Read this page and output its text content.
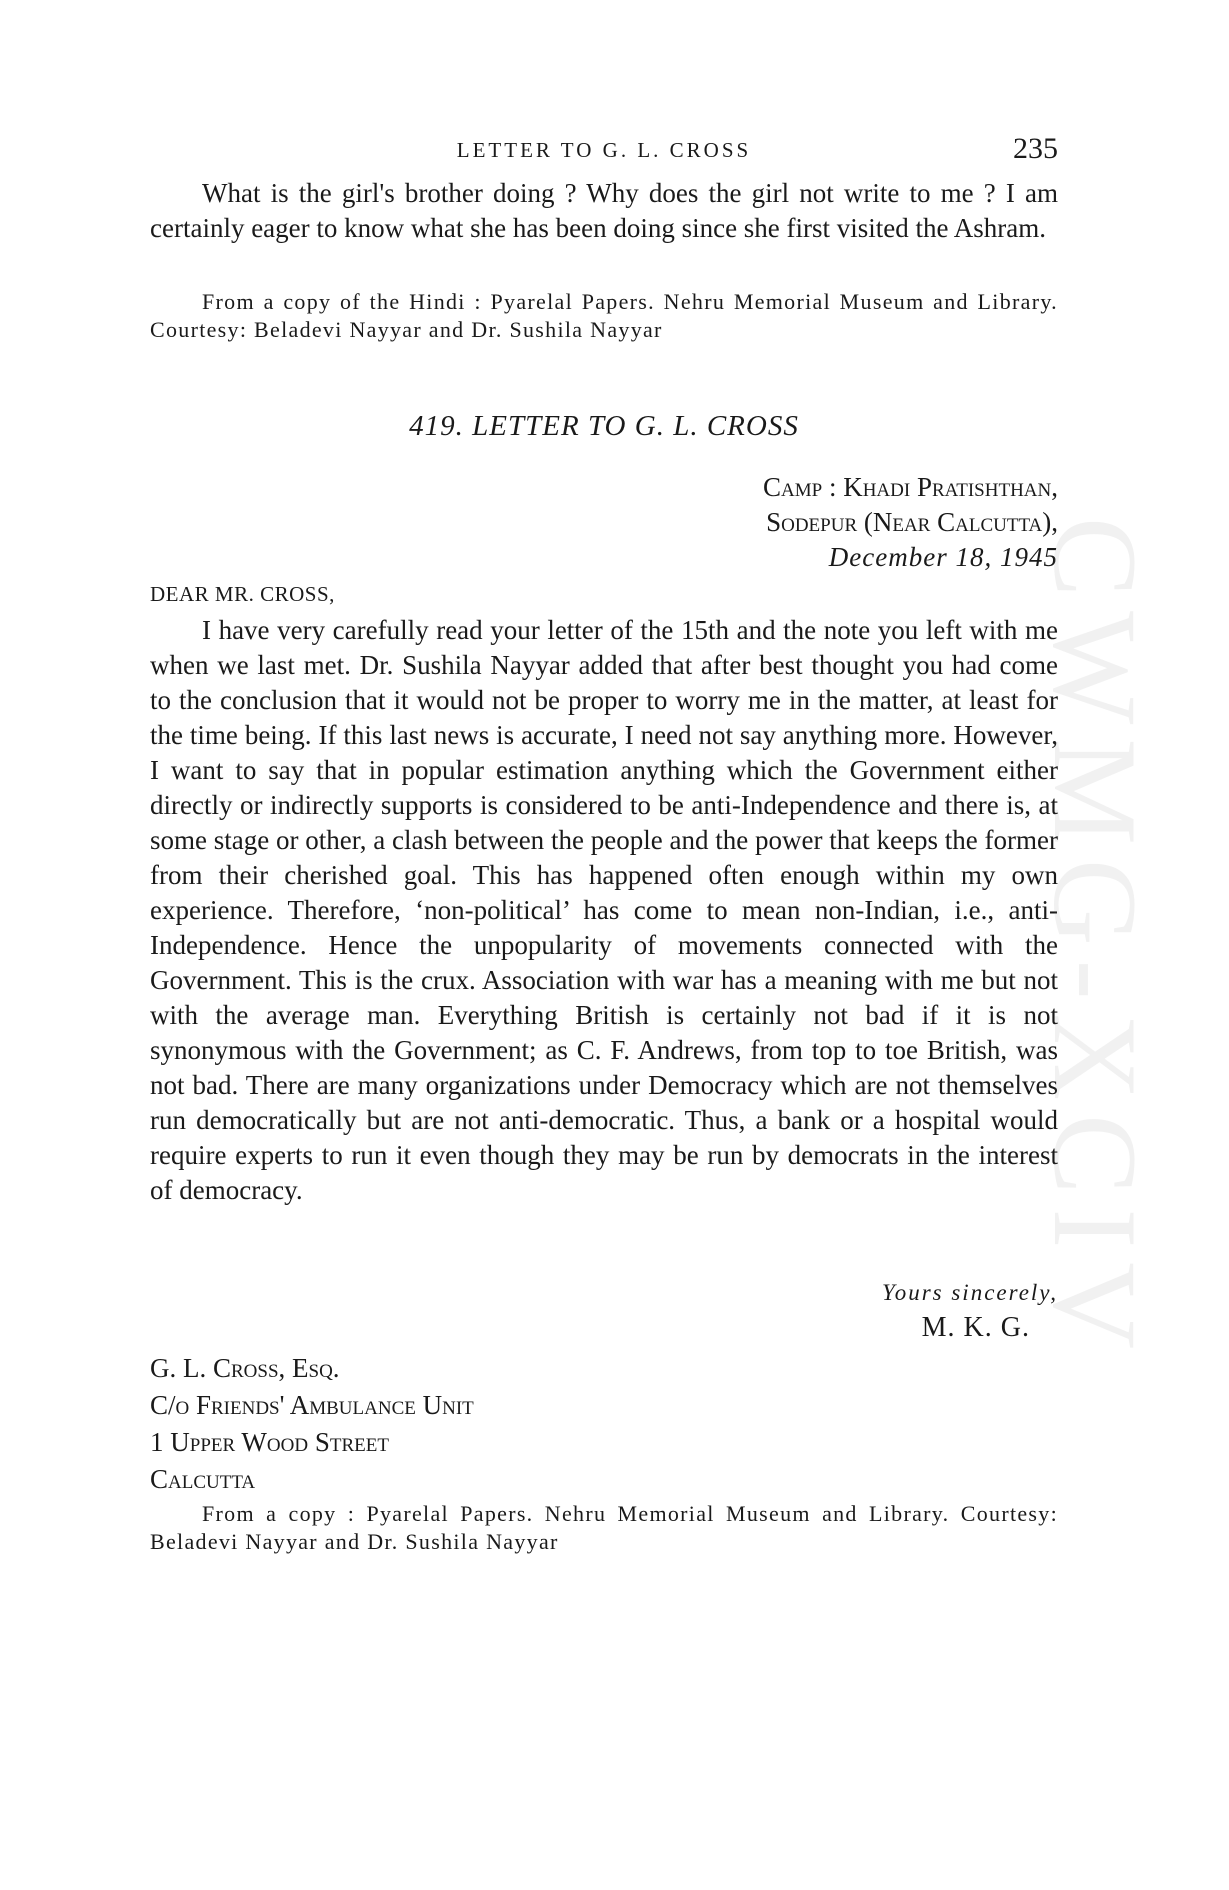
LETTER TO G. L. CROSS	235

What is the girl's brother doing ? Why does the girl not write to me ? I am certainly eager to know what she has been doing since she first visited the Ashram.

From a copy of the Hindi : Pyarelal Papers. Nehru Memorial Museum and Library. Courtesy: Beladevi Nayyar and Dr. Sushila Nayyar

419. LETTER TO G. L. CROSS
Camp : Khadi Pratishthan,
Sodepur (Near Calcutta),
December 18, 1945
DEAR MR. CROSS,

I have very carefully read your letter of the 15th and the note you left with me when we last met. Dr. Sushila Nayyar added that after best thought you had come to the conclusion that it would not be proper to worry me in the matter, at least for the time being. If this last news is accurate, I need not say anything more. However, I want to say that in popular estimation anything which the Government either directly or indirectly supports is considered to be anti-Independence and there is, at some stage or other, a clash between the people and the power that keeps the former from their cherished goal. This has happened often enough within my own experience. Therefore, ‘non-political’ has come to mean non-Indian, i.e., anti-Independence. Hence the unpopularity of movements connected with the Government. This is the crux. Association with war has a meaning with me but not with the average man. Everything British is certainly not bad if it is not synonymous with the Government; as C. F. Andrews, from top to toe British, was not bad. There are many organizations under Democracy which are not themselves run democratically but are not anti-democratic. Thus, a bank or a hospital would require experts to run it even though they may be run by democrats in the interest of democracy.

Yours sincerely,
M. K. G.
G. L. Cross, Esq.
C/o Friends' Ambulance Unit
1 Upper Wood Street
Calcutta

From a copy : Pyarelal Papers. Nehru Memorial Museum and Library. Courtesy: Beladevi Nayyar and Dr. Sushila Nayyar

CWMG-XCIV
